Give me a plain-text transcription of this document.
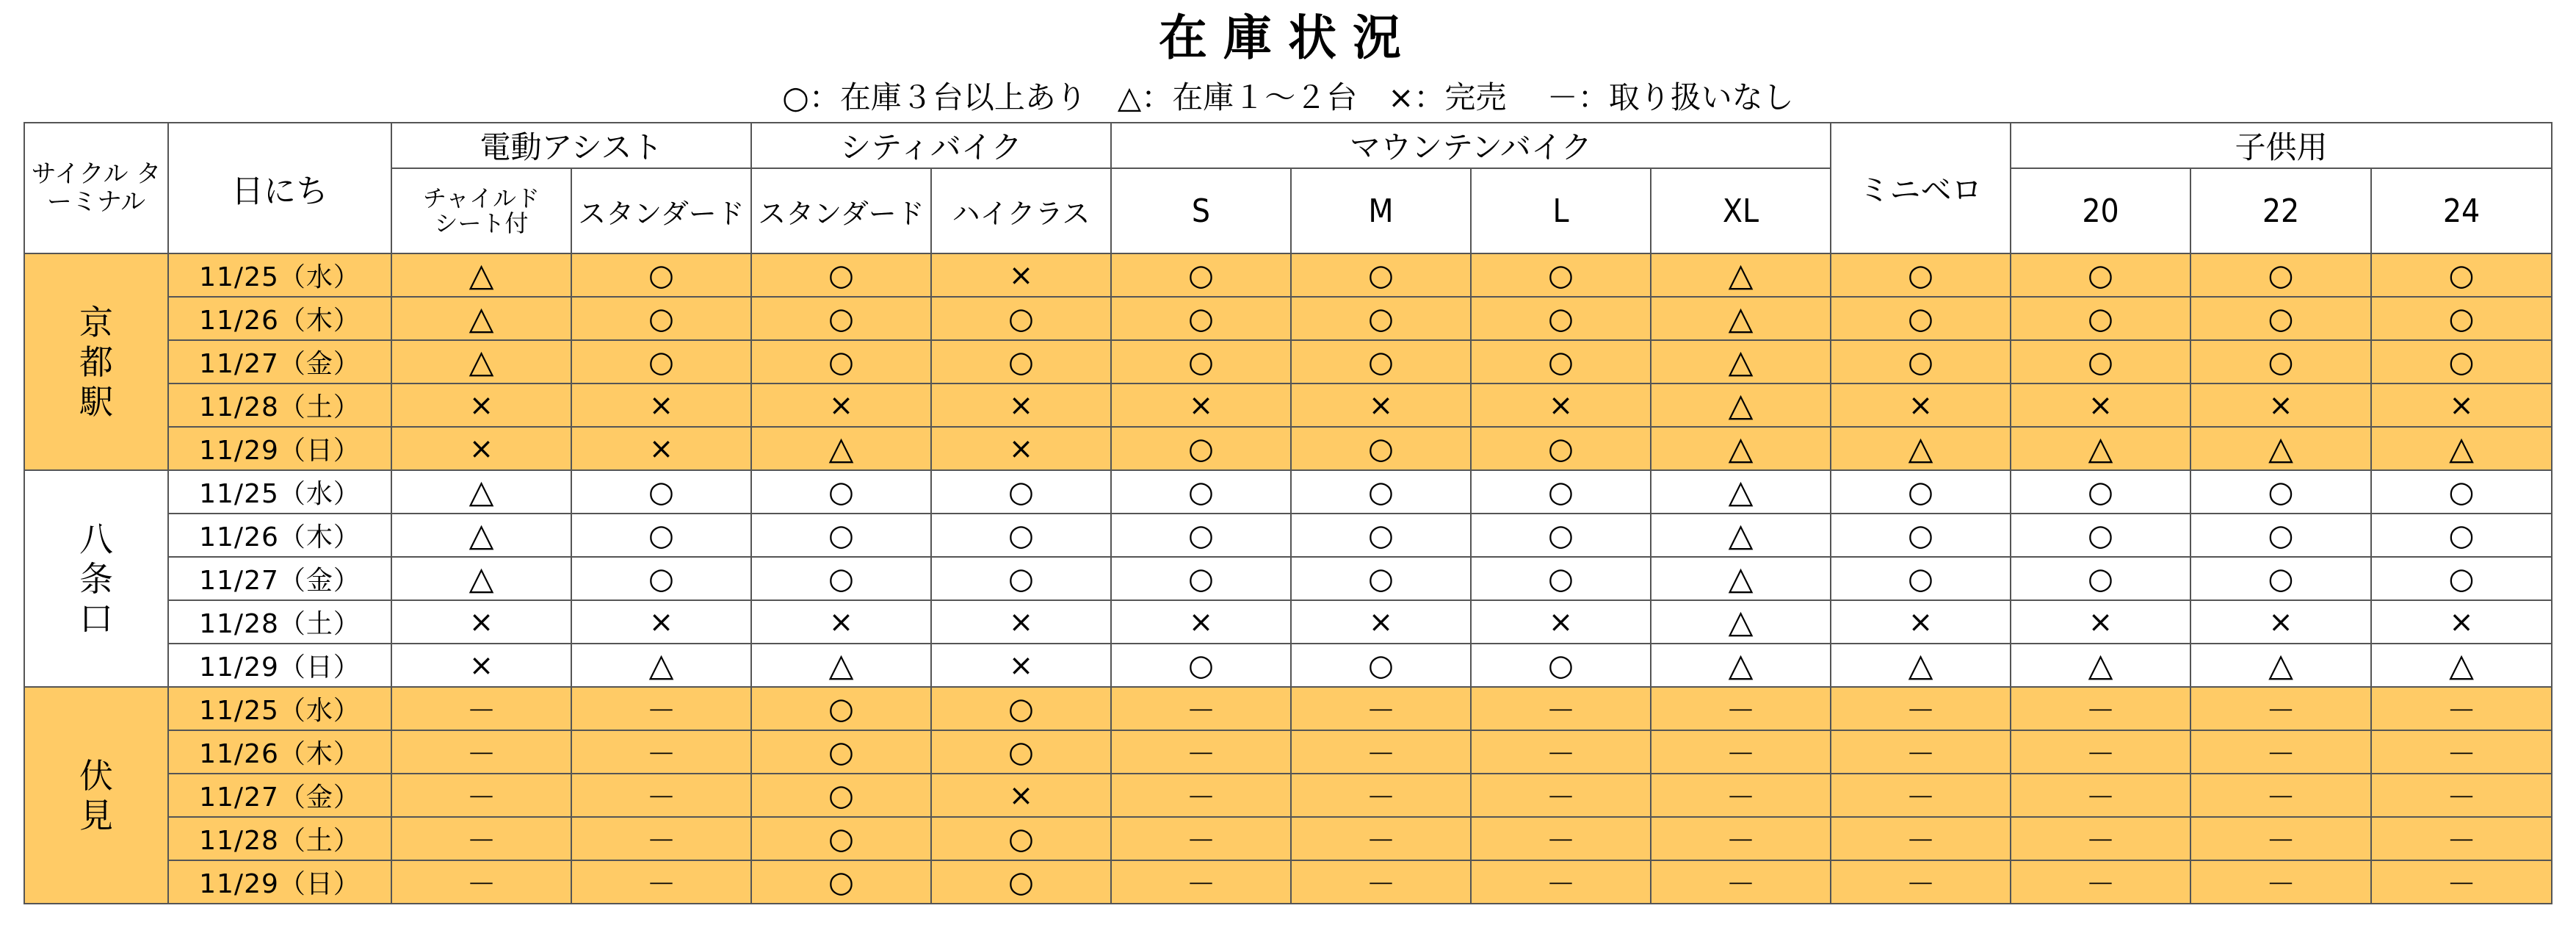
在庫状況
○：在庫３台以上あり　△：在庫１～２台　×：完売　 －：取り扱いなし
サイクル ターミナル	日にち	電動アシスト		シティバイク		マウンテンバイク				ミニベロ	子供用		
		チャイルド
シート付	スタンダード	スタンダード	ハイクラス	S	M	L	XL		20	22	24
京都駅	11/25（水）	△	○	○	×	○	○	○	△	○	○	○	○
	11/26（木）	△	○	○	○	○	○	○	△	○	○	○	○
	11/27（金）	△	○	○	○	○	○	○	△	○	○	○	○
	11/28（土）	×	×	×	×	×	×	×	△	×	×	×	×
	11/29（日）	×	×	△	×	○	○	○	△	△	△	△	△
八条口	11/25（水）	△	○	○	○	○	○	○	△	○	○	○	○
	11/26（木）	△	○	○	○	○	○	○	△	○	○	○	○
	11/27（金）	△	○	○	○	○	○	○	△	○	○	○	○
	11/28（土）	×	×	×	×	×	×	×	△	×	×	×	×
	11/29（日）	×	△	△	×	○	○	○	△	△	△	△	△
伏見	11/25（水）	－	－	○	○	－	－	－	－	－	－	－	－
	11/26（木）	－	－	○	○	－	－	－	－	－	－	－	－
	11/27（金）	－	－	○	×	－	－	－	－	－	－	－	－
	11/28（土）	－	－	○	○	－	－	－	－	－	－	－	－
	11/29（日）	－	－	○	○	－	－	－	－	－	－	－	－
